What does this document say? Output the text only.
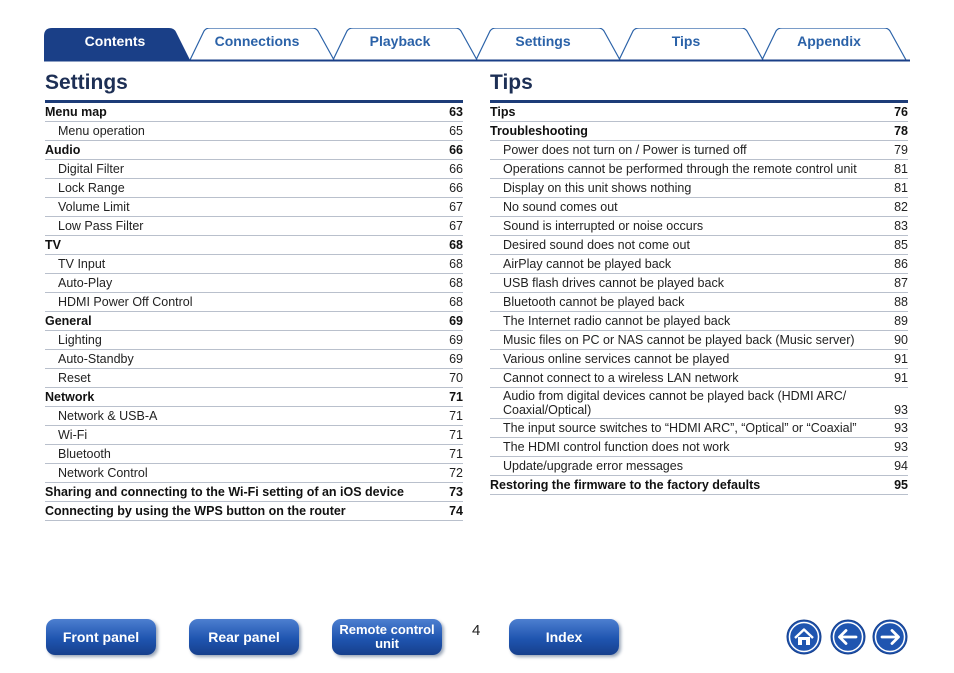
Contents	Connections	Playback	Settings	Tips	Appendix
Settings
Menu map	63
Menu operation	65
Audio	66
Digital Filter	66
Lock Range	66
Volume Limit	67
Low Pass Filter	67
TV	68
TV Input	68
Auto-Play	68
HDMI Power Off Control	68
General	69
Lighting	69
Auto-Standby	69
Reset	70
Network	71
Network & USB-A	71
Wi-Fi	71
Bluetooth	71
Network Control	72
Sharing and connecting to the Wi-Fi setting of an iOS device	73
Connecting by using the WPS button on the router	74
Tips
Tips	76
Troubleshooting	78
Power does not turn on / Power is turned off	79
Operations cannot be performed through the remote control unit	81
Display on this unit shows nothing	81
No sound comes out	82
Sound is interrupted or noise occurs	83
Desired sound does not come out	85
AirPlay cannot be played back	86
USB flash drives cannot be played back	87
Bluetooth cannot be played back	88
The Internet radio cannot be played back	89
Music files on PC or NAS cannot be played back (Music server)	90
Various online services cannot be played	91
Cannot connect to a wireless LAN network	91
Audio from digital devices cannot be played back (HDMI ARC/ Coaxial/Optical)	93
The input source switches to “HDMI ARC”, “Optical” or “Coaxial”	93
The HDMI control function does not work	93
Update/upgrade error messages	94
Restoring the firmware to the factory defaults	95
Front panel	Rear panel	Remote control
unit
4	Index
